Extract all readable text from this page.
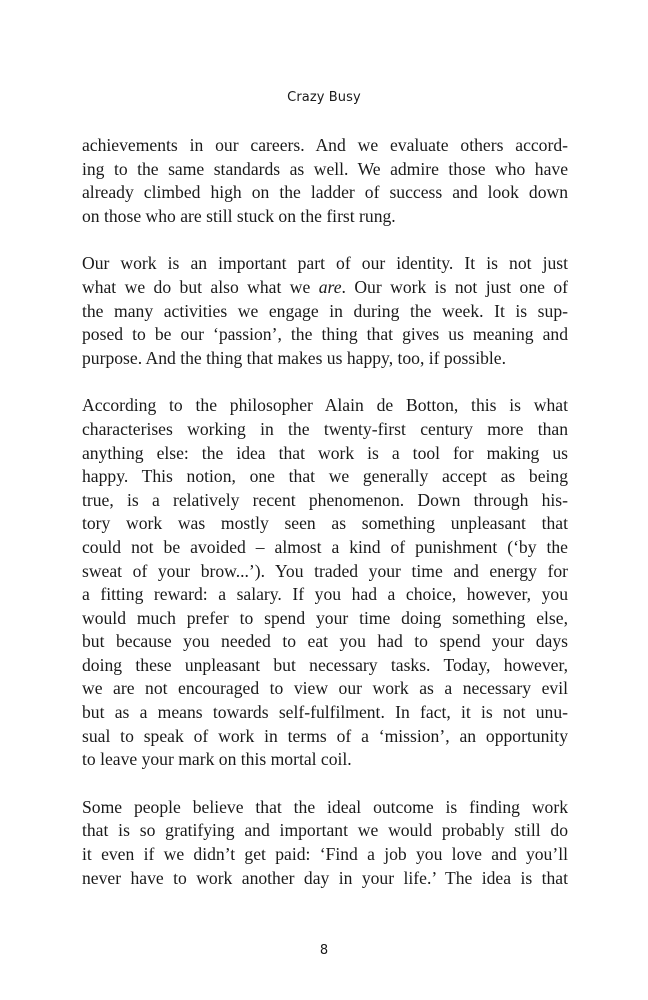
Crazy Busy

achievements in our careers. And we evaluate others accord-
ing to the same standards as well. We admire those who have
already climbed high on the ladder of success and look down
on those who are still stuck on the first rung.

Our work is an important part of our identity. It is not just
what we do but also what we are. Our work is not just one of
the many activities we engage in during the week. It is sup-
posed to be our ‘passion’, the thing that gives us meaning and
purpose. And the thing that makes us happy, too, if possible.

According to the philosopher Alain de Botton, this is what
characterises working in the twenty-first century more than
anything else: the idea that work is a tool for making us
happy. This notion, one that we generally accept as being
true, is a relatively recent phenomenon. Down through his-
tory work was mostly seen as something unpleasant that
could not be avoided – almost a kind of punishment (‘by the
sweat of your brow...’). You traded your time and energy for
a fitting reward: a salary. If you had a choice, however, you
would much prefer to spend your time doing something else,
but because you needed to eat you had to spend your days
doing these unpleasant but necessary tasks. Today, however,
we are not encouraged to view our work as a necessary evil
but as a means towards self-fulfilment. In fact, it is not unu-
sual to speak of work in terms of a ‘mission’, an opportunity
to leave your mark on this mortal coil.

Some people believe that the ideal outcome is finding work
that is so gratifying and important we would probably still do
it even if we didn’t get paid: ‘Find a job you love and you’ll
never have to work another day in your life.’ The idea is that

8
